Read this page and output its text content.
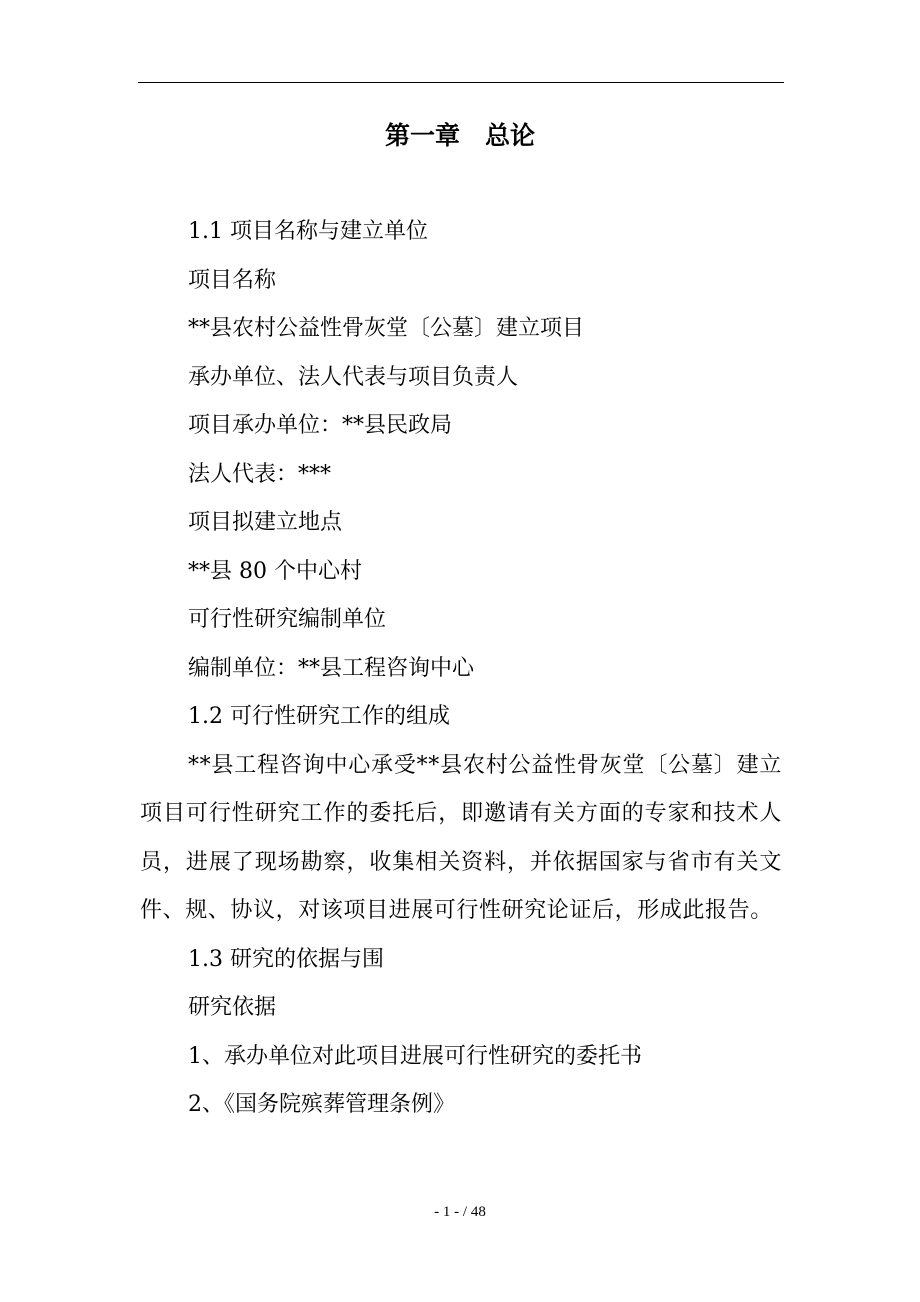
第一章　总论

1.1 项目名称与建立单位

项目名称

**县农村公益性骨灰堂〔公墓〕建立项目

承办单位、法人代表与项目负责人

项目承办单位：**县民政局

法人代表：***

项目拟建立地点

**县 80 个中心村

可行性研究编制单位

编制单位：**县工程咨询中心

1.2 可行性研究工作的组成

**县工程咨询中心承受**县农村公益性骨灰堂〔公墓〕建立项目可行性研究工作的委托后，即邀请有关方面的专家和技术人员，进展了现场勘察，收集相关资料，并依据国家与省市有关文件、规、协议，对该项目进展可行性研究论证后，形成此报告。

1.3 研究的依据与围

研究依据

1、承办单位对此项目进展可行性研究的委托书

2、《国务院殡葬管理条例》

- 1 - / 48
